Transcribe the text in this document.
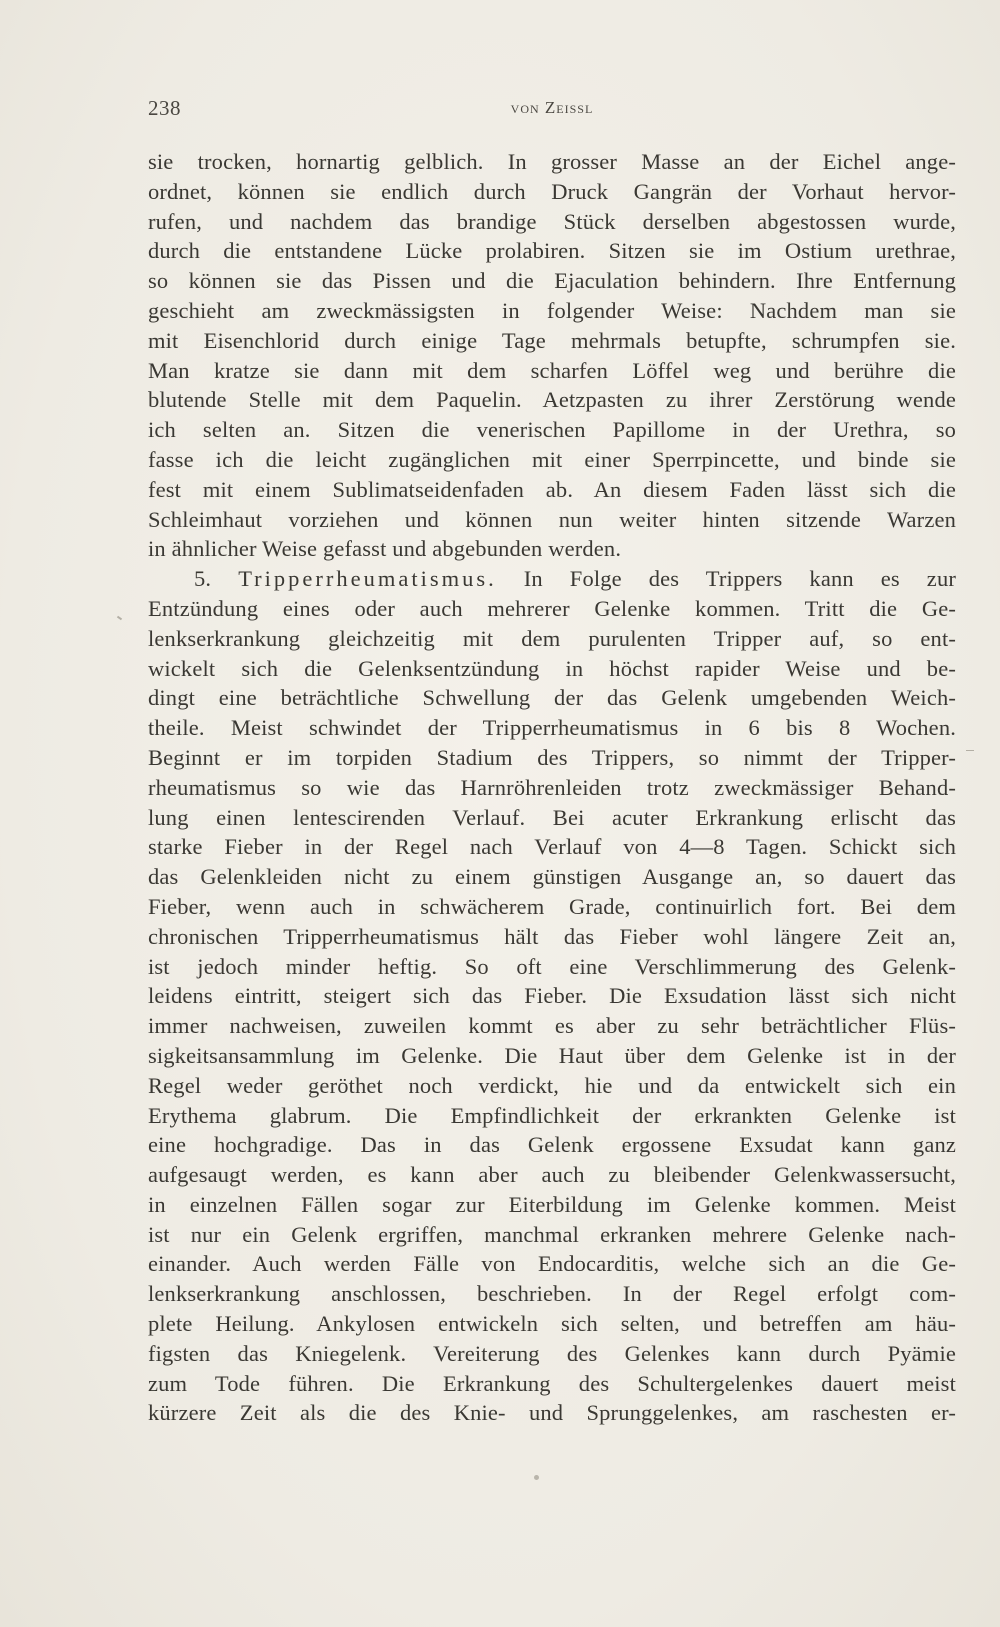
238	von Zeissl
sie trocken, hornartig gelblich. In grosser Masse an der Eichel ange-
ordnet, können sie endlich durch Druck Gangrän der Vorhaut hervor-
rufen, und nachdem das brandige Stück derselben abgestossen wurde,
durch die entstandene Lücke prolabiren. Sitzen sie im Ostium urethrae,
so können sie das Pissen und die Ejaculation behindern. Ihre Entfernung
geschieht am zweckmässigsten in folgender Weise: Nachdem man sie
mit Eisenchlorid durch einige Tage mehrmals betupfte, schrumpfen sie.
Man kratze sie dann mit dem scharfen Löffel weg und berühre die
blutende Stelle mit dem Paquelin. Aetzpasten zu ihrer Zerstörung wende
ich selten an. Sitzen die venerischen Papillome in der Urethra, so
fasse ich die leicht zugänglichen mit einer Sperrpincette, und binde sie
fest mit einem Sublimatseidenfaden ab. An diesem Faden lässt sich die
Schleimhaut vorziehen und können nun weiter hinten sitzende Warzen
in ähnlicher Weise gefasst und abgebunden werden.
5. Tripperrheumatismus. In Folge des Trippers kann es zur
Entzündung eines oder auch mehrerer Gelenke kommen. Tritt die Ge-
lenkserkrankung gleichzeitig mit dem purulenten Tripper auf, so ent-
wickelt sich die Gelenksentzündung in höchst rapider Weise und be-
dingt eine beträchtliche Schwellung der das Gelenk umgebenden Weich-
theile. Meist schwindet der Tripperrheumatismus in 6 bis 8 Wochen.
Beginnt er im torpiden Stadium des Trippers, so nimmt der Tripper-
rheumatismus so wie das Harnröhrenleiden trotz zweckmässiger Behand-
lung einen lentescirenden Verlauf. Bei acuter Erkrankung erlischt das
starke Fieber in der Regel nach Verlauf von 4—8 Tagen. Schickt sich
das Gelenkleiden nicht zu einem günstigen Ausgange an, so dauert das
Fieber, wenn auch in schwächerem Grade, continuirlich fort. Bei dem
chronischen Tripperrheumatismus hält das Fieber wohl längere Zeit an,
ist jedoch minder heftig. So oft eine Verschlimmerung des Gelenk-
leidens eintritt, steigert sich das Fieber. Die Exsudation lässt sich nicht
immer nachweisen, zuweilen kommt es aber zu sehr beträchtlicher Flüs-
sigkeitsansammlung im Gelenke. Die Haut über dem Gelenke ist in der
Regel weder geröthet noch verdickt, hie und da entwickelt sich ein
Erythema glabrum. Die Empfindlichkeit der erkrankten Gelenke ist
eine hochgradige. Das in das Gelenk ergossene Exsudat kann ganz
aufgesaugt werden, es kann aber auch zu bleibender Gelenkwassersucht,
in einzelnen Fällen sogar zur Eiterbildung im Gelenke kommen. Meist
ist nur ein Gelenk ergriffen, manchmal erkranken mehrere Gelenke nach-
einander. Auch werden Fälle von Endocarditis, welche sich an die Ge-
lenkserkrankung anschlossen, beschrieben. In der Regel erfolgt com-
plete Heilung. Ankylosen entwickeln sich selten, und betreffen am häu-
figsten das Kniegelenk. Vereiterung des Gelenkes kann durch Pyämie
zum Tode führen. Die Erkrankung des Schultergelenkes dauert meist
kürzere Zeit als die des Knie- und Sprunggelenkes, am raschesten er-
